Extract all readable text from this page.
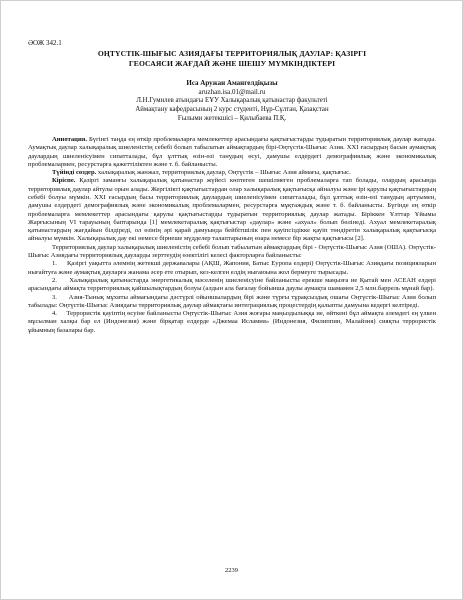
ӘОЖ 342.1
ОҢТҮСТІК-ШЫҒЫС АЗИЯДАҒЫ ТЕРРИТОРИЯЛЫҚ ДАУЛАР: ҚАЗІРГІ
ГЕОСАЯСИ ЖАҒДАЙ ЖӘНЕ ШЕШУ МҮМКІНДІКТЕРІ
Иса Аружан Амангелдіқызы
aruzhan.isa.01@mail.ru
Л.Н.Гумилев атындағы ЕҰУ Халықаралық қатынастар факультеті
Аймақтану кафедрасының 2 курс студенті, Нұр-Сұлтан, Қазақстан
Ғылыми жетекшісі – Қилыбаева П.Қ.

Аннотация. Бүгінгі таңда ең өткір проблемаларға мемлекеттер арасындағы қақтығыстарды тудыратын территориялық даулар жатады. Аумақтық даулар халықаралық шиеленістің себебі болып табылатын аймақтардың бірі-Оңтүстік-Шығыс Азия. XXI ғасырдың басын аумақтық даулардың шиеленісуімен сипатталады, бұл ұлттық өзін-өзі танудың өсуі, дамушы елдердегі демографиялық және экономикалық проблемалармен, ресурстарға қажеттіліктен және т. б. байланысты.

Түйінді сөздер. халықаралық жанжал, территориялық даулар, Оңтүстік – Шығыс Азия аймағы, қақтығыс.

Кіріспе. Қазіргі заманғы халықаралық қатынастар жүйесі көптеген шешілмеген проблемаларға тап болады, олардың арасында территориялық даулар айтулы орын алады. Жергілікті қақтығыстардан олар халықаралық қақтығысқа айналуы және ірі қарулы қақтығыстардың себебі болуы мүмкін. XXI ғасырдың басы территориялық даулардың шиеленісуімен сипатталады, бұл ұлттық өзін-өзі танудың артуымен, дамушы елдердегі демографиялық және экономикалық проблемалармен, ресурстарға мұқтаждық және т. б. байланысты. Бүгінде ең өткір проблемаларға мемлекеттер арасындағы қарулы қақтығыстарды тудыратын территориялық даулар жатады. Біріккен Ұлттар Ұйымы Жарғысының VI тарауының баптарында [1] мемлекетаралық қақтығыстар «даулар» және «ахуал» болып бөлінеді. Ахуал мемлекетаралық қатынастардың жағдайын білдіреді, ол өзінің әрі қарай дамуында бейбітшілік пен қауіпсіздікке қауіп төндіретін халықаралық қақтығысқа айналуы мүмкін. Халықаралық дау екі немесе бірнеше мүдделер талаптарының өзара немесе бір жақты қақтығысы [2].

Территориялық даулар халықаралық шиеленістің себебі болып табылатын аймақтардың бірі - Оңтүстік-Шығыс Азия (ОША). Оңтүстік-Шығыс Азиядағы территориялық дауларды зерттеудің өзектілігі келесі факторларға байланысты:

1.     Қазіргі уақытта әлемнің жетекші державалары (АҚШ, Жапония, Батыс Еуропа елдері) Оңтүстік-Шығыс Азиядағы позицияларын нығайтуға және аумақтық дауларға жанама әсер ете отырып, кез-келген елдің нығаюына жол бермеуге тырысады.

2.     Халықаралық қатынастарда энергетикалық мәселенің шиеленісуіне байланысты ерекше маңызға ие Қытай мен АСЕАН елдері арасындағы аймақта территориялық қайшылықтардың болуы (алдын ала бағалау бойынша даулы аумақта шамамен 2,5 млн.баррель мұнай бар).

3.     Азия-Тынық мұхиты аймағындағы дәстүрлі ойыншылардың бірі және түрғы тұрақсыздық ошағы Оңтүстік-Шығыс Азия болып табылады: Оңтүстік-Шығыс Азиядағы территориялық даулар аймақтағы интеграциялық процестердің қалыпты дамуына кедергі келтіреді.

4.     Террористік қауіптің өсуіне байланысты Оңтүстік-Шығыс Азия жоғары маңыздылыққа ие, өйткені бұл аймақта әлемдегі ең үлкен мұсылман халқы бар ел (Индонезия) және бірқатар елдерде «Джемаа Исламия» (Индонезия, Филиппин, Малайзия) сияқты террористік ұйымның базалары бар.

2239
